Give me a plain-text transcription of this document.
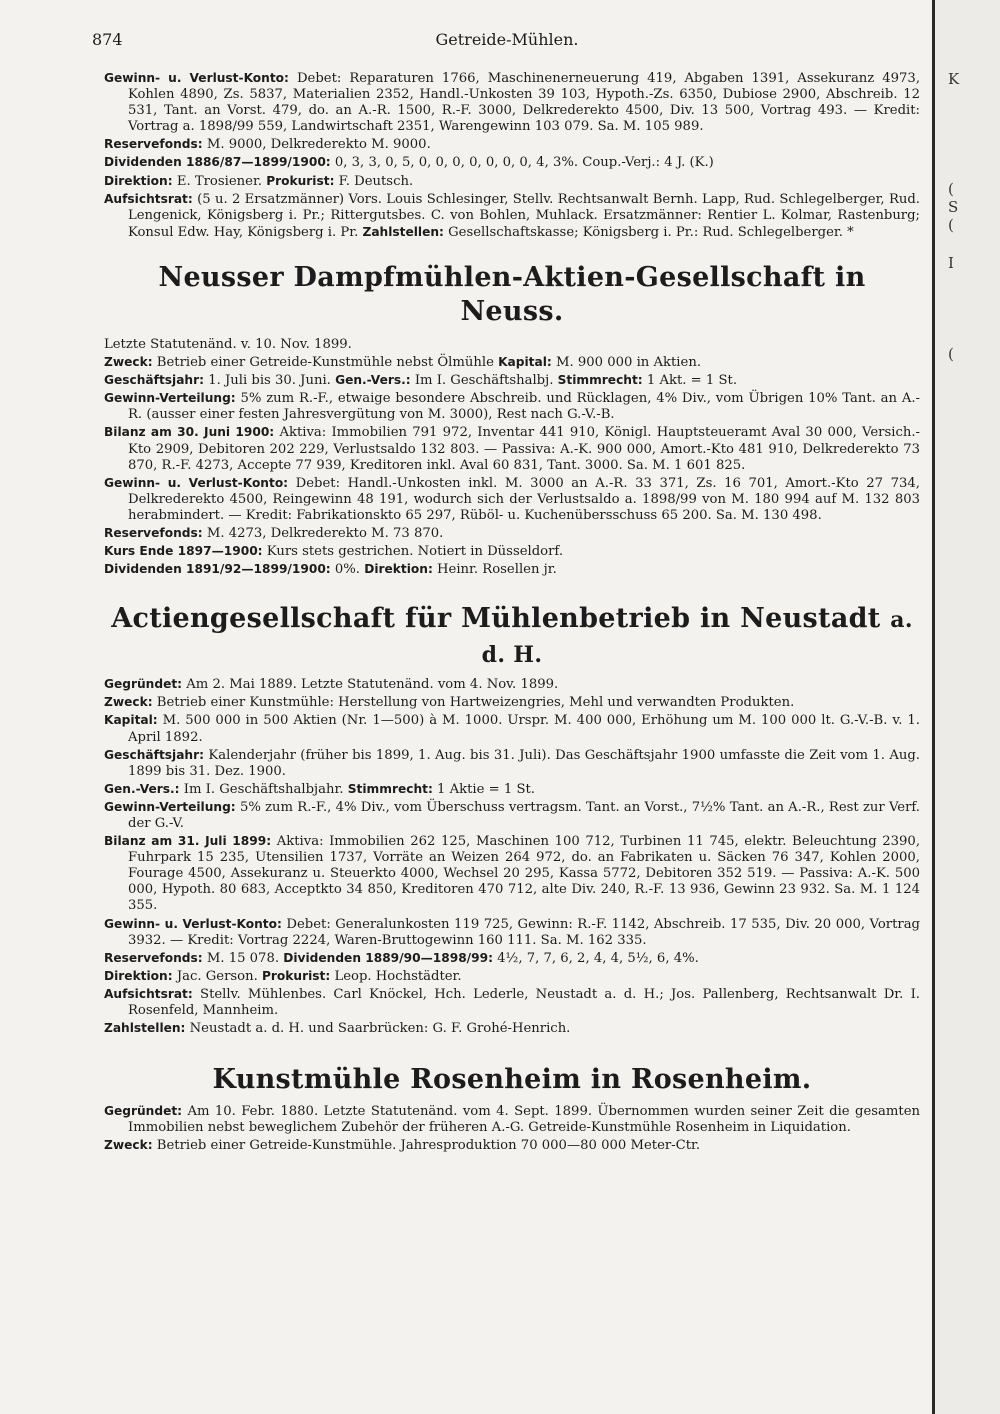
K
(
S
(
I
(
874	Getreide-Mühlen.

Gewinn- u. Verlust-Konto: Debet: Reparaturen 1766, Maschinenerneuerung 419, Abgaben 1391, Assekuranz 4973, Kohlen 4890, Zs. 5837, Materialien 2352, Handl.-Unkosten 39 103, Hypoth.-Zs. 6350, Dubiose 2900, Abschreib. 12 531, Tant. an Vorst. 479, do. an A.-R. 1500, R.-F. 3000, Delkrederekto 4500, Div. 13 500, Vortrag 493. — Kredit: Vortrag a. 1898/99 559, Landwirtschaft 2351, Warengewinn 103 079. Sa. M. 105 989.

Reservefonds: M. 9000, Delkrederekto M. 9000.

Dividenden 1886/87—1899/1900: 0, 3, 3, 0, 5, 0, 0, 0, 0, 0, 0, 0, 4, 3%. Coup.-Verj.: 4 J. (K.)

Direktion: E. Trosiener. Prokurist: F. Deutsch.

Aufsichtsrat: (5 u. 2 Ersatzmänner) Vors. Louis Schlesinger, Stellv. Rechtsanwalt Bernh. Lapp, Rud. Schlegelberger, Rud. Lengenick, Königsberg i. Pr.; Rittergutsbes. C. von Bohlen, Muhlack. Ersatzmänner: Rentier L. Kolmar, Rastenburg; Konsul Edw. Hay, Königsberg i. Pr. Zahlstellen: Gesellschaftskasse; Königsberg i. Pr.: Rud. Schlegelberger. *

Neusser Dampfmühlen-Aktien-Gesellschaft in Neuss.

Letzte Statutenänd. v. 10. Nov. 1899.

Zweck: Betrieb einer Getreide-Kunstmühle nebst Ölmühle Kapital: M. 900 000 in Aktien.

Geschäftsjahr: 1. Juli bis 30. Juni. Gen.-Vers.: Im I. Geschäftshalbj. Stimmrecht: 1 Akt. = 1 St.

Gewinn-Verteilung: 5% zum R.-F., etwaige besondere Abschreib. und Rücklagen, 4% Div., vom Übrigen 10% Tant. an A.-R. (ausser einer festen Jahresvergütung von M. 3000), Rest nach G.-V.-B.

Bilanz am 30. Juni 1900: Aktiva: Immobilien 791 972, Inventar 441 910, Königl. Hauptsteueramt Aval 30 000, Versich.-Kto 2909, Debitoren 202 229, Verlustsaldo 132 803. — Passiva: A.-K. 900 000, Amort.-Kto 481 910, Delkrederekto 73 870, R.-F. 4273, Accepte 77 939, Kreditoren inkl. Aval 60 831, Tant. 3000. Sa. M. 1 601 825.

Gewinn- u. Verlust-Konto: Debet: Handl.-Unkosten inkl. M. 3000 an A.-R. 33 371, Zs. 16 701, Amort.-Kto 27 734, Delkrederekto 4500, Reingewinn 48 191, wodurch sich der Verlustsaldo a. 1898/99 von M. 180 994 auf M. 132 803 herabmindert. — Kredit: Fabrikationskto 65 297, Rüböl- u. Kuchenübersschuss 65 200. Sa. M. 130 498.

Reservefonds: M. 4273, Delkrederekto M. 73 870.

Kurs Ende 1897—1900: Kurs stets gestrichen. Notiert in Düsseldorf.

Dividenden 1891/92—1899/1900: 0%. Direktion: Heinr. Rosellen jr.

Actiengesellschaft für Mühlenbetrieb in Neustadt a. d. H.

Gegründet: Am 2. Mai 1889. Letzte Statutenänd. vom 4. Nov. 1899.

Zweck: Betrieb einer Kunstmühle: Herstellung von Hartweizengries, Mehl und verwandten Produkten.

Kapital: M. 500 000 in 500 Aktien (Nr. 1—500) à M. 1000. Urspr. M. 400 000, Erhöhung um M. 100 000 lt. G.-V.-B. v. 1. April 1892.

Geschäftsjahr: Kalenderjahr (früher bis 1899, 1. Aug. bis 31. Juli). Das Geschäftsjahr 1900 umfasste die Zeit vom 1. Aug. 1899 bis 31. Dez. 1900.

Gen.-Vers.: Im I. Geschäftshalbjahr. Stimmrecht: 1 Aktie = 1 St.

Gewinn-Verteilung: 5% zum R.-F., 4% Div., vom Überschuss vertragsm. Tant. an Vorst., 7½% Tant. an A.-R., Rest zur Verf. der G.-V.

Bilanz am 31. Juli 1899: Aktiva: Immobilien 262 125, Maschinen 100 712, Turbinen 11 745, elektr. Beleuchtung 2390, Fuhrpark 15 235, Utensilien 1737, Vorräte an Weizen 264 972, do. an Fabrikaten u. Säcken 76 347, Kohlen 2000, Fourage 4500, Assekuranz u. Steuerkto 4000, Wechsel 20 295, Kassa 5772, Debitoren 352 519. — Passiva: A.-K. 500 000, Hypoth. 80 683, Acceptkto 34 850, Kreditoren 470 712, alte Div. 240, R.-F. 13 936, Gewinn 23 932. Sa. M. 1 124 355.

Gewinn- u. Verlust-Konto: Debet: Generalunkosten 119 725, Gewinn: R.-F. 1142, Abschreib. 17 535, Div. 20 000, Vortrag 3932. — Kredit: Vortrag 2224, Waren-Bruttogewinn 160 111. Sa. M. 162 335.

Reservefonds: M. 15 078. Dividenden 1889/90—1898/99: 4½, 7, 7, 6, 2, 4, 4, 5½, 6, 4%.

Direktion: Jac. Gerson. Prokurist: Leop. Hochstädter.

Aufsichtsrat: Stellv. Mühlenbes. Carl Knöckel, Hch. Lederle, Neustadt a. d. H.; Jos. Pallenberg, Rechtsanwalt Dr. I. Rosenfeld, Mannheim.

Zahlstellen: Neustadt a. d. H. und Saarbrücken: G. F. Grohé-Henrich.

Kunstmühle Rosenheim in Rosenheim.

Gegründet: Am 10. Febr. 1880. Letzte Statutenänd. vom 4. Sept. 1899. Übernommen wurden seiner Zeit die gesamten Immobilien nebst beweglichem Zubehör der früheren A.-G. Getreide-Kunstmühle Rosenheim in Liquidation.

Zweck: Betrieb einer Getreide-Kunstmühle. Jahresproduktion 70 000—80 000 Meter-Ctr.
